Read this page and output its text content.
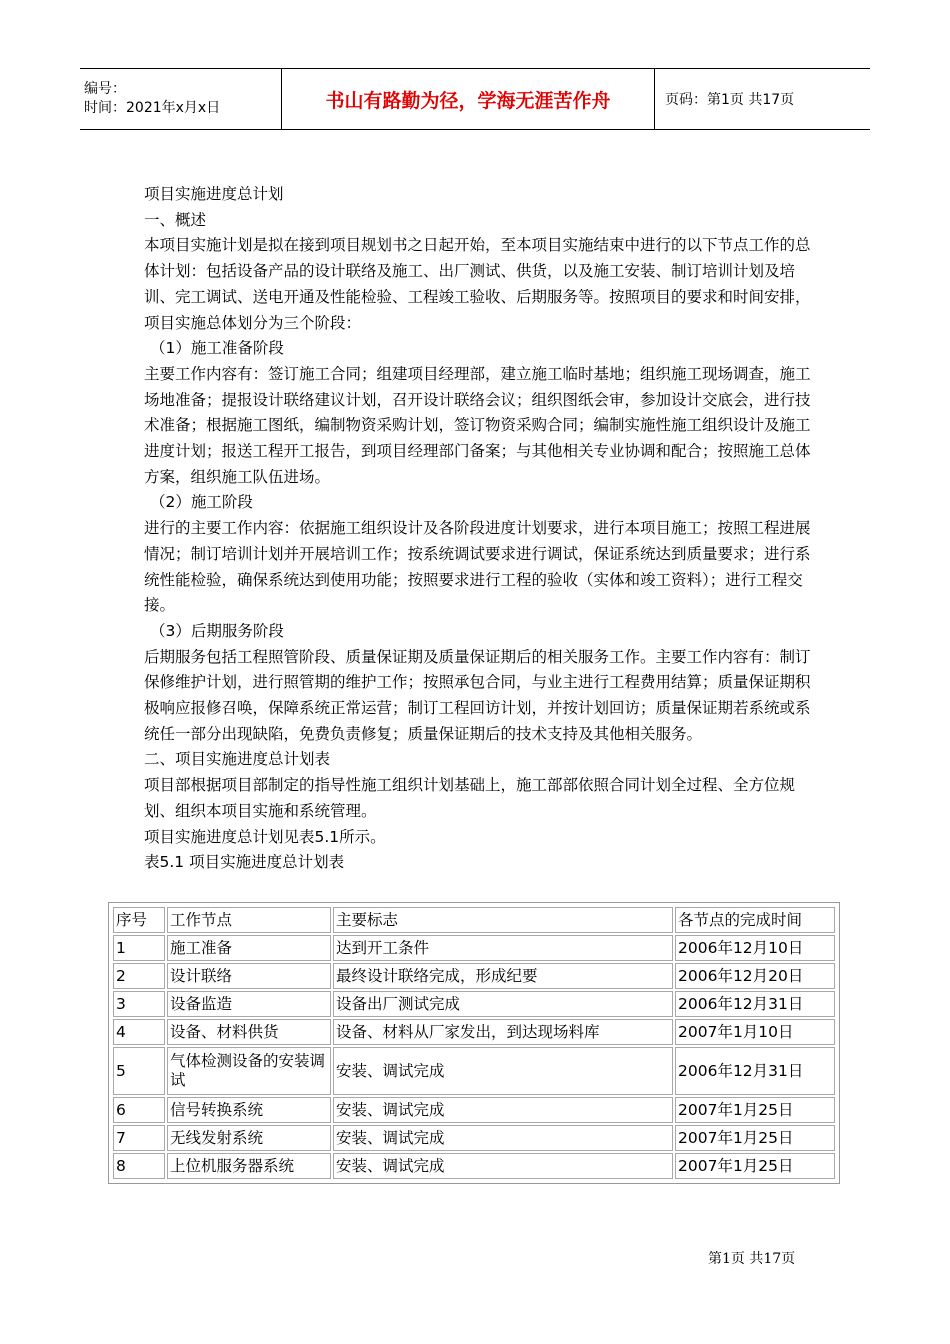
编号：
时间：2021年x月x日	书山有路勤为径，学海无涯苦作舟	页码：第1页 共17页

项目实施进度总计划

一、概述

本项目实施计划是拟在接到项目规划书之日起开始，至本项目实施结束中进行的以下节点工作的总体计划：包括设备产品的设计联络及施工、出厂测试、供货，以及施工安装、制订培训计划及培训、完工调试、送电开通及性能检验、工程竣工验收、后期服务等。按照项目的要求和时间安排，项目实施总体划分为三个阶段：

（1）施工准备阶段

主要工作内容有：签订施工合同；组建项目经理部，建立施工临时基地；组织施工现场调查，施工场地准备；提报设计联络建议计划，召开设计联络会议；组织图纸会审，参加设计交底会，进行技术准备；根据施工图纸，编制物资采购计划，签订物资采购合同；编制实施性施工组织设计及施工进度计划；报送工程开工报告，到项目经理部门备案；与其他相关专业协调和配合；按照施工总体方案，组织施工队伍进场。

（2）施工阶段

进行的主要工作内容：依据施工组织设计及各阶段进度计划要求，进行本项目施工；按照工程进展情况；制订培训计划并开展培训工作；按系统调试要求进行调试，保证系统达到质量要求；进行系统性能检验，确保系统达到使用功能；按照要求进行工程的验收（实体和竣工资料）；进行工程交接。

（3）后期服务阶段

后期服务包括工程照管阶段、质量保证期及质量保证期后的相关服务工作。主要工作内容有：制订保修维护计划，进行照管期的维护工作；按照承包合同，与业主进行工程费用结算；质量保证期积极响应报修召唤，保障系统正常运营；制订工程回访计划，并按计划回访；质量保证期若系统或系统任一部分出现缺陷，免费负责修复；质量保证期后的技术支持及其他相关服务。

二、项目实施进度总计划表

项目部根据项目部制定的指导性施工组织计划基础上，施工部部依照合同计划全过程、全方位规划、组织本项目实施和系统管理。

项目实施进度总计划见表5.1所示。

表5.1 项目实施进度总计划表

序号	工作节点	主要标志	各节点的完成时间
1	施工准备	达到开工条件	2006年12月10日
2	设计联络	最终设计联络完成，形成纪要	2006年12月20日
3	设备监造	设备出厂测试完成	2006年12月31日
4	设备、材料供货	设备、材料从厂家发出，到达现场料库	2007年1月10日
5	气体检测设备的安装调试	安装、调试完成	2006年12月31日
6	信号转换系统	安装、调试完成	2007年1月25日
7	无线发射系统	安装、调试完成	2007年1月25日
8	上位机服务器系统	安装、调试完成	2007年1月25日
第1页 共17页
